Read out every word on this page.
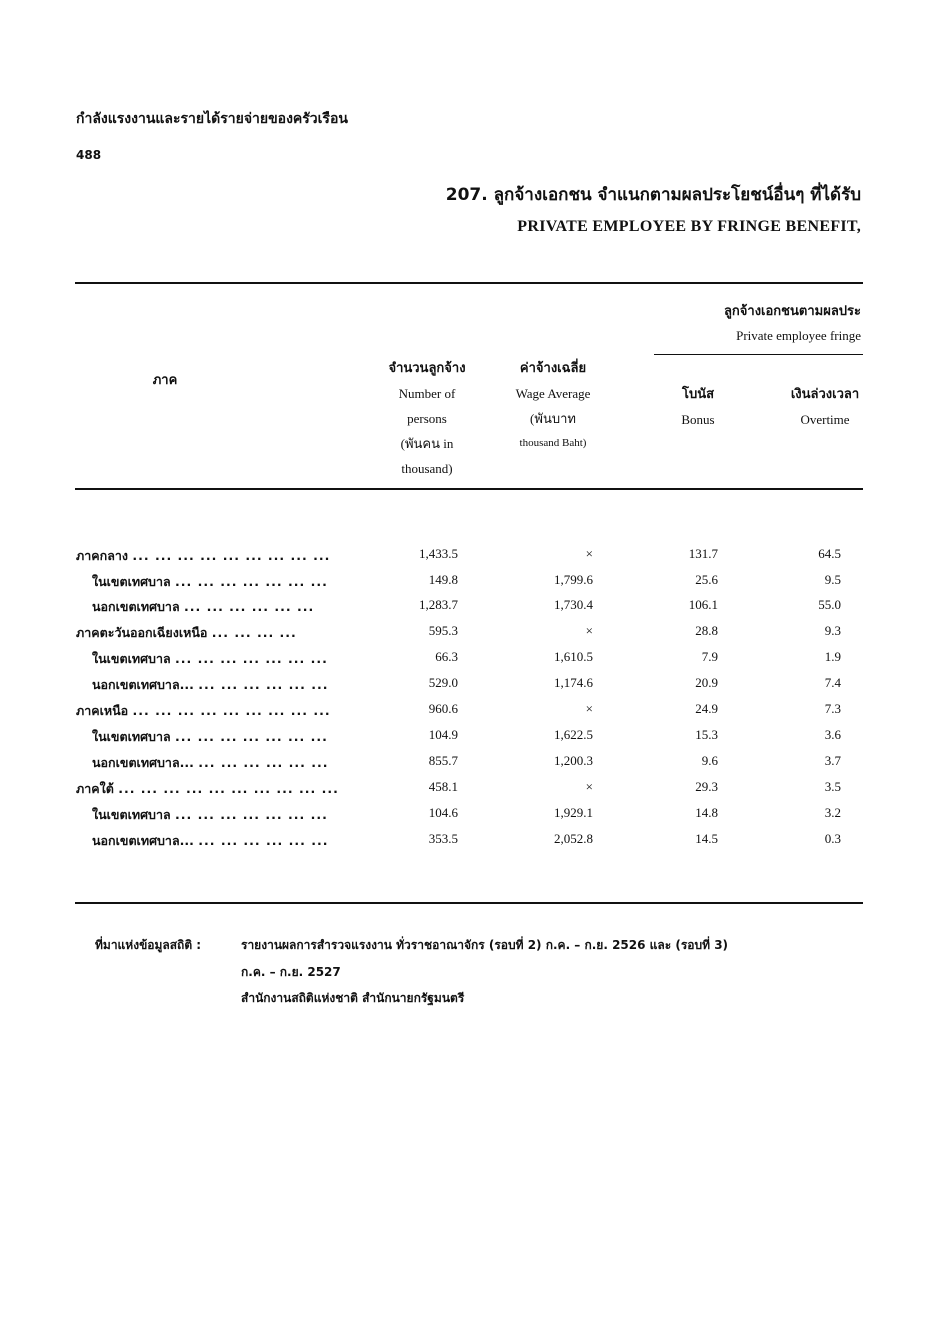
กำลังแรงงานและรายได้รายจ่ายของครัวเรือน
488
207. ลูกจ้างเอกชน จำแนกตามผลประโยชน์อื่นๆ ที่ได้รับ
PRIVATE EMPLOYEE BY FRINGE BENEFIT,
ภาค
จำนวนลูกจ้าง
Number of
persons
(พันคน in
thousand)
ค่าจ้างเฉลี่ย
Wage Average
(พันบาท
thousand Baht)
ลูกจ้างเอกชนตามผลประ
Private employee fringe
โบนัส
Bonus
เงินล่วงเวลา
Overtime
ภาคกลาง ... ... ... ... ... ... ... ... ...	1,433.5	×	131.7	64.5
ในเขตเทศบาล ... ... ... ... ... ... ...	149.8	1,799.6	25.6	9.5
นอกเขตเทศบาล ... ... ... ... ... ...	1,283.7	1,730.4	106.1	55.0
ภาคตะวันออกเฉียงเหนือ ... ... ... ...	595.3	×	28.8	9.3
ในเขตเทศบาล ... ... ... ... ... ... ...	66.3	1,610.5	7.9	1.9
นอกเขตเทศบาล... ... ... ... ... ... ...	529.0	1,174.6	20.9	7.4
ภาคเหนือ ... ... ... ... ... ... ... ... ...	960.6	×	24.9	7.3
ในเขตเทศบาล ... ... ... ... ... ... ...	104.9	1,622.5	15.3	3.6
นอกเขตเทศบาล... ... ... ... ... ... ...	855.7	1,200.3	9.6	3.7
ภาคใต้ ... ... ... ... ... ... ... ... ... ...	458.1	×	29.3	3.5
ในเขตเทศบาล ... ... ... ... ... ... ...	104.6	1,929.1	14.8	3.2
นอกเขตเทศบาล... ... ... ... ... ... ...	353.5	2,052.8	14.5	0.3
ที่มาแห่งข้อมูลสถิติ :	รายงานผลการสำรวจแรงงาน ทั่วราชอาณาจักร (รอบที่ 2) ก.ค. – ก.ย. 2526 และ (รอบที่ 3)
ก.ค. – ก.ย. 2527
สำนักงานสถิติแห่งชาติ สำนักนายกรัฐมนตรี
